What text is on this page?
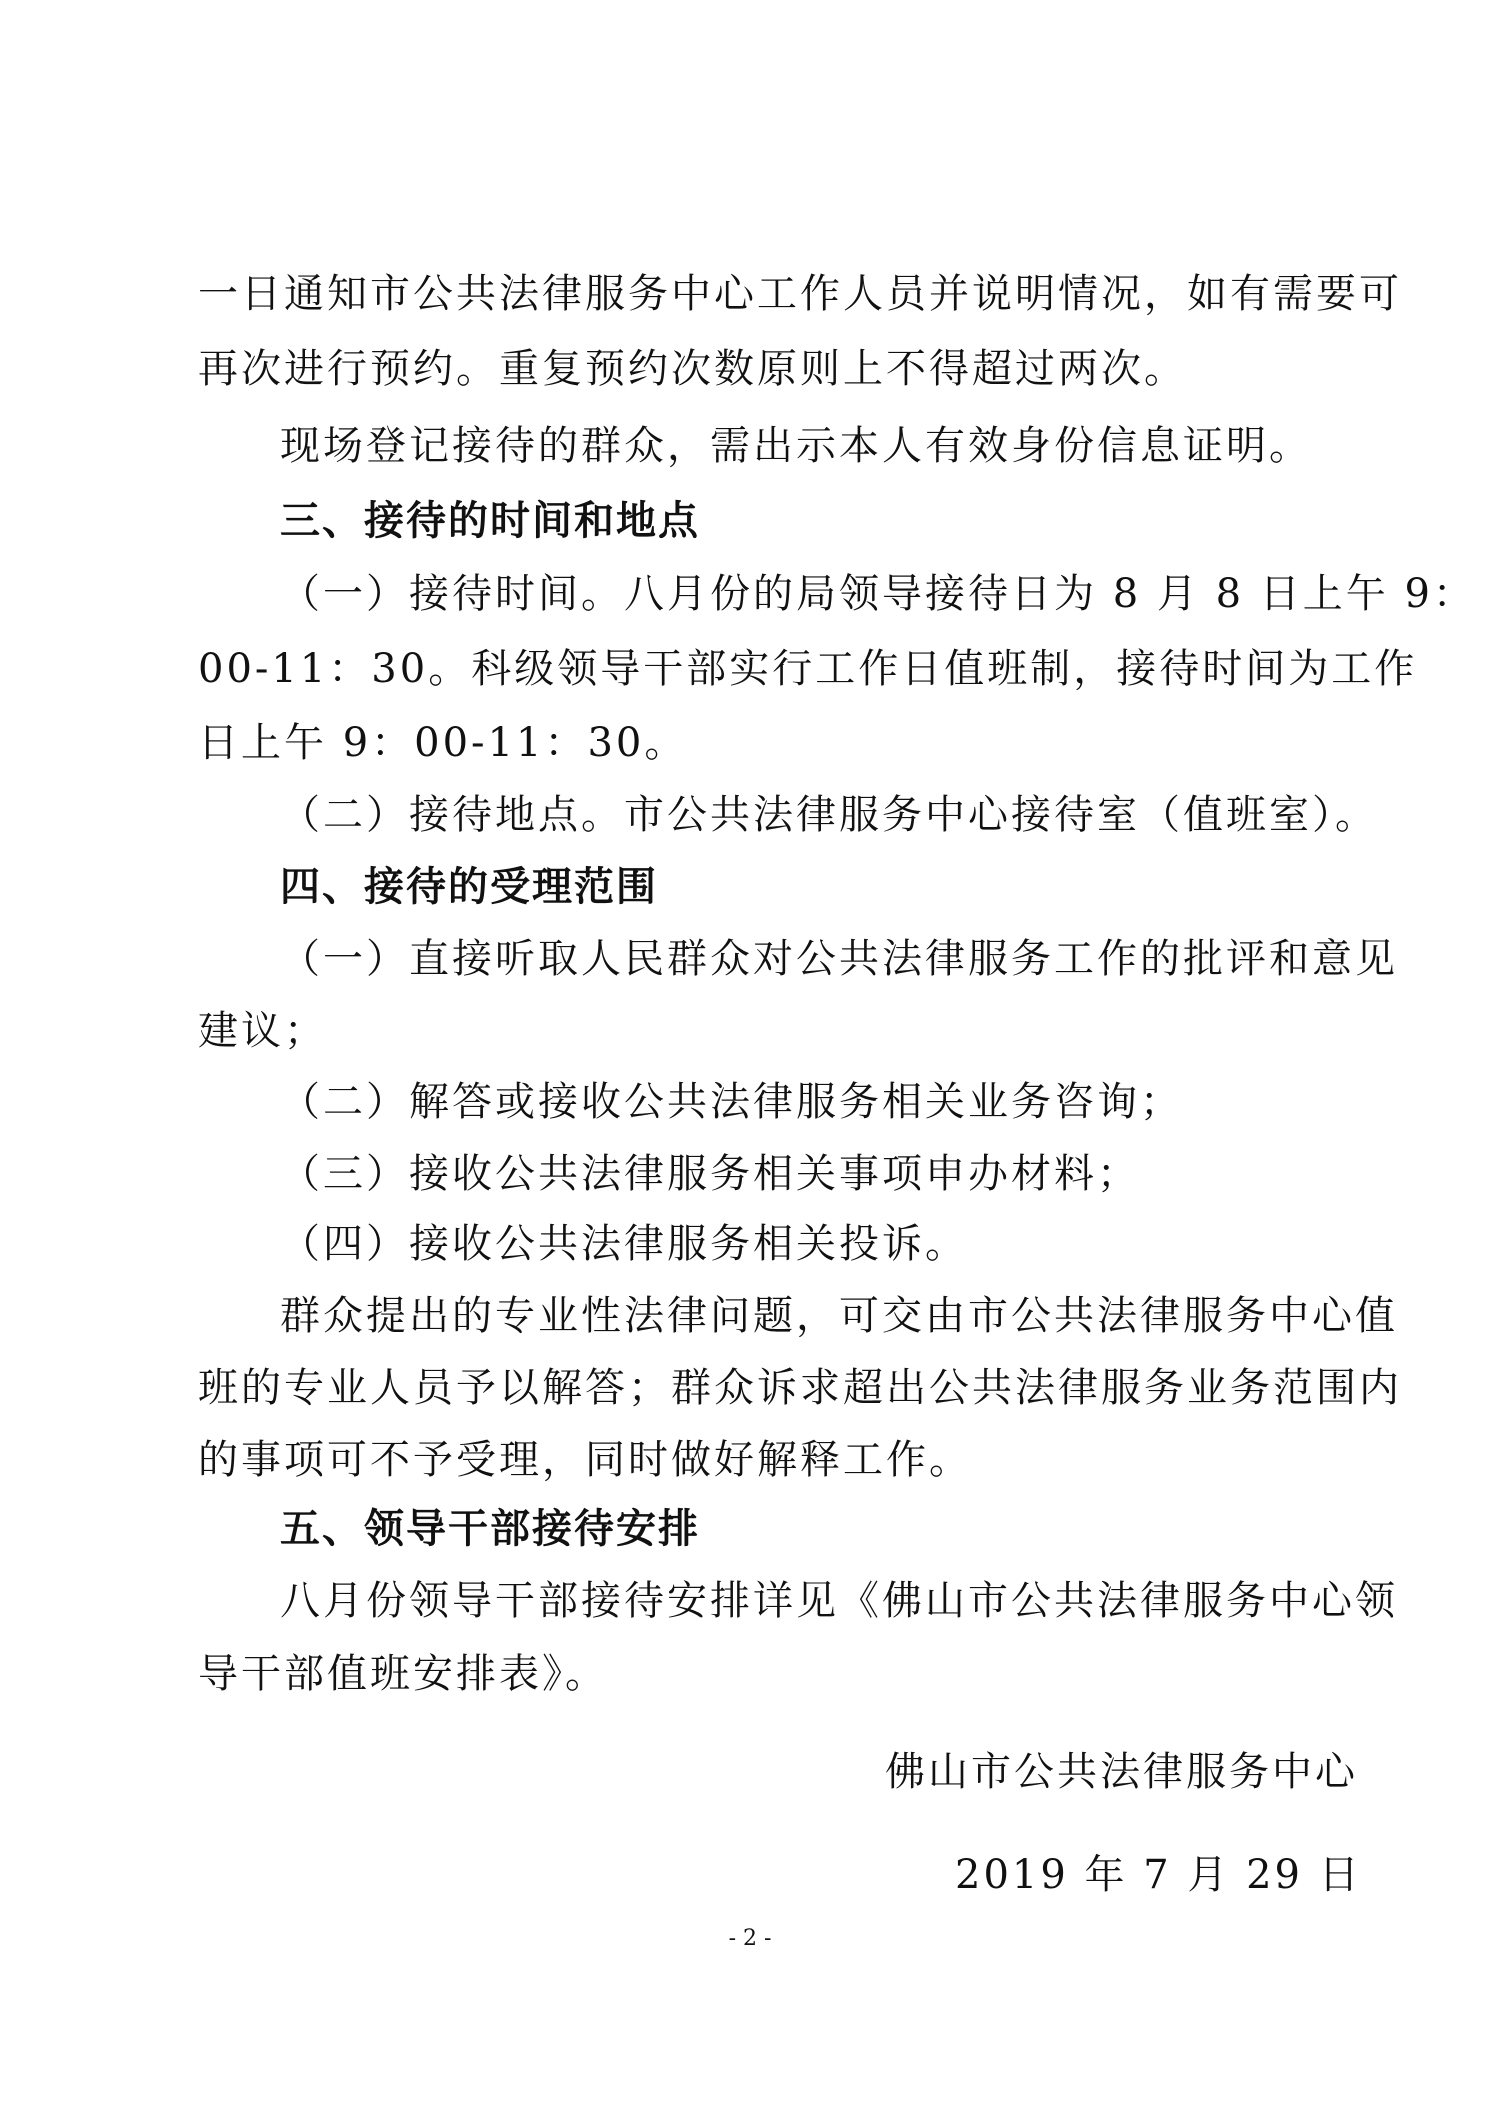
一日通知市公共法律服务中心工作人员并说明情况，如有需要可
再次进行预约。重复预约次数原则上不得超过两次。
现场登记接待的群众，需出示本人有效身份信息证明。
三、接待的时间和地点
（一）接待时间。八月份的局领导接待日为 8 月 8 日上午 9：
00-11：30。科级领导干部实行工作日值班制，接待时间为工作
日上午 9：00-11：30。
（二）接待地点。市公共法律服务中心接待室（值班室）。
四、接待的受理范围
（一）直接听取人民群众对公共法律服务工作的批评和意见
建议；
（二）解答或接收公共法律服务相关业务咨询；
（三）接收公共法律服务相关事项申办材料；
（四）接收公共法律服务相关投诉。
群众提出的专业性法律问题，可交由市公共法律服务中心值
班的专业人员予以解答；群众诉求超出公共法律服务业务范围内
的事项可不予受理，同时做好解释工作。
五、领导干部接待安排
八月份领导干部接待安排详见《佛山市公共法律服务中心领
导干部值班安排表》。
佛山市公共法律服务中心
2019 年 7 月 29 日
- 2 -
